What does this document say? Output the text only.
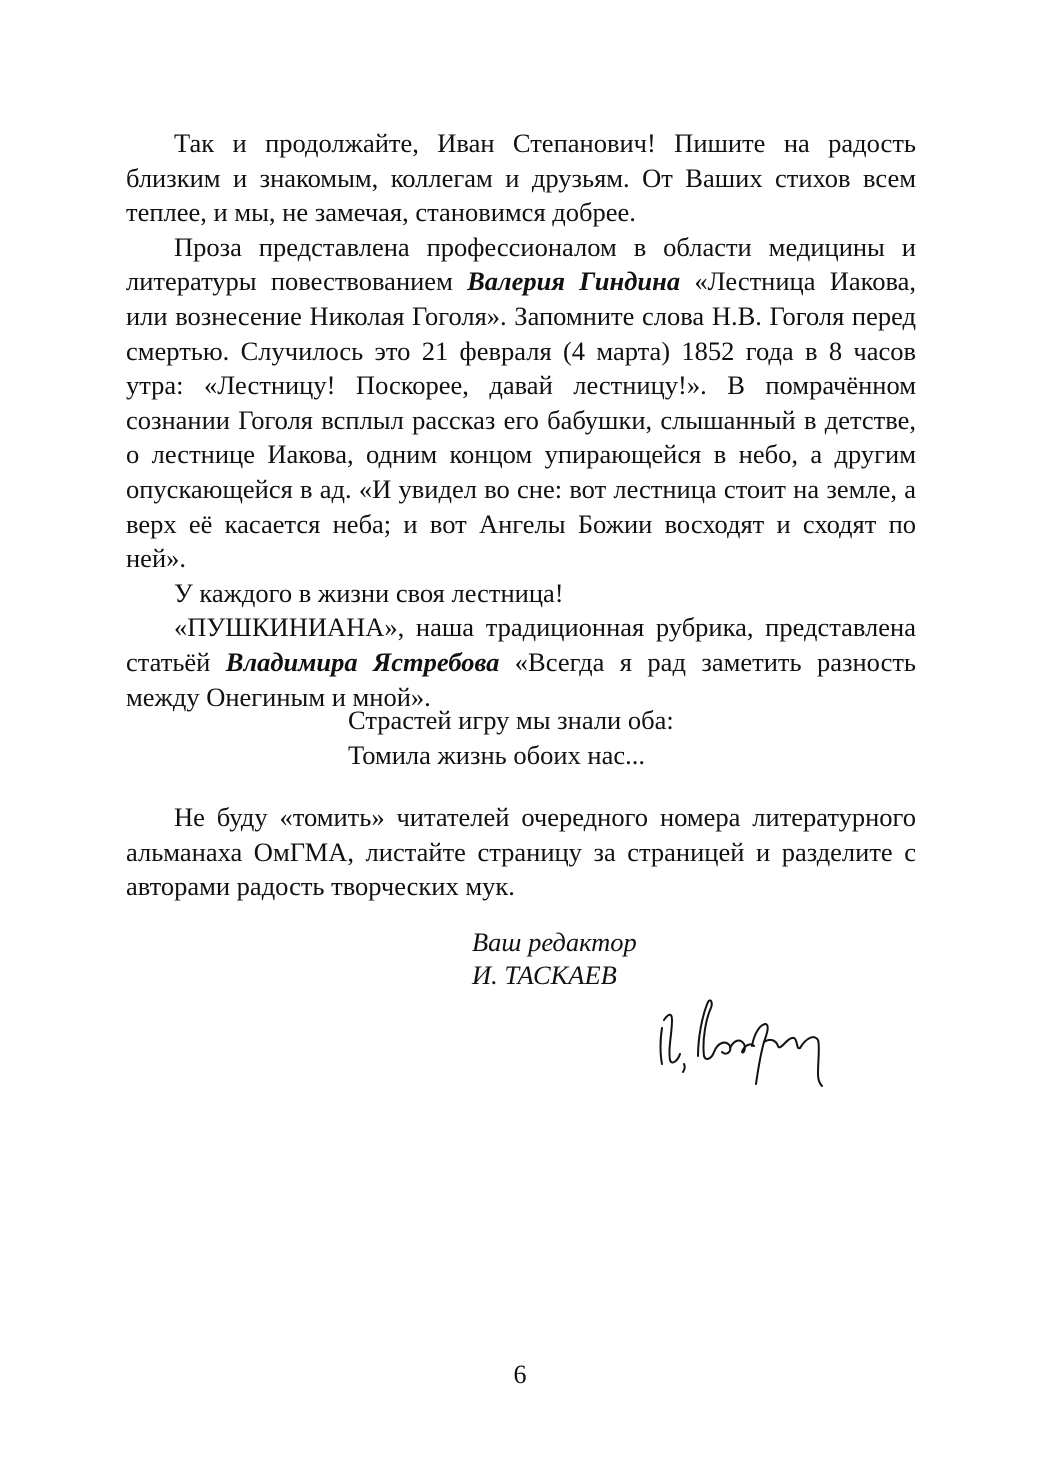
Так и продолжайте, Иван Степанович! Пишите на радость близким и знакомым, коллегам и друзьям. От Ваших стихов всем теплее, и мы, не замечая, становимся добрее.

Проза представлена профессионалом в области медицины и литературы повествованием Валерия Гиндина «Лестница Иакова, или вознесение Николая Гоголя». Запомните слова Н.В. Гоголя перед смертью. Случилось это 21 февраля (4 марта) 1852 года в 8 часов утра: «Лестницу! Поскорее, давай лестницу!». В помрачённом сознании Гоголя всплыл рассказ его бабушки, слышанный в детстве, о лестнице Иакова, одним концом упирающейся в небо, а другим опускающейся в ад. «И увидел во сне: вот лестница стоит на земле, а верх её касается неба; и вот Ангелы Божии восходят и сходят по ней».

У каждого в жизни своя лестница!

«ПУШКИНИАНА», наша традиционная рубрика, представлена статьёй Владимира Ястребова «Всегда я рад заметить разность между Онегиным и мной».

Страстей игру мы знали оба:
Томила жизнь обоих нас...

Не буду «томить» читателей очередного номера литературного альманаха ОмГМА, листайте страницу за страницей и разделите с авторами радость творческих мук.

Ваш редактор
И. ТАСКАЕВ
6
